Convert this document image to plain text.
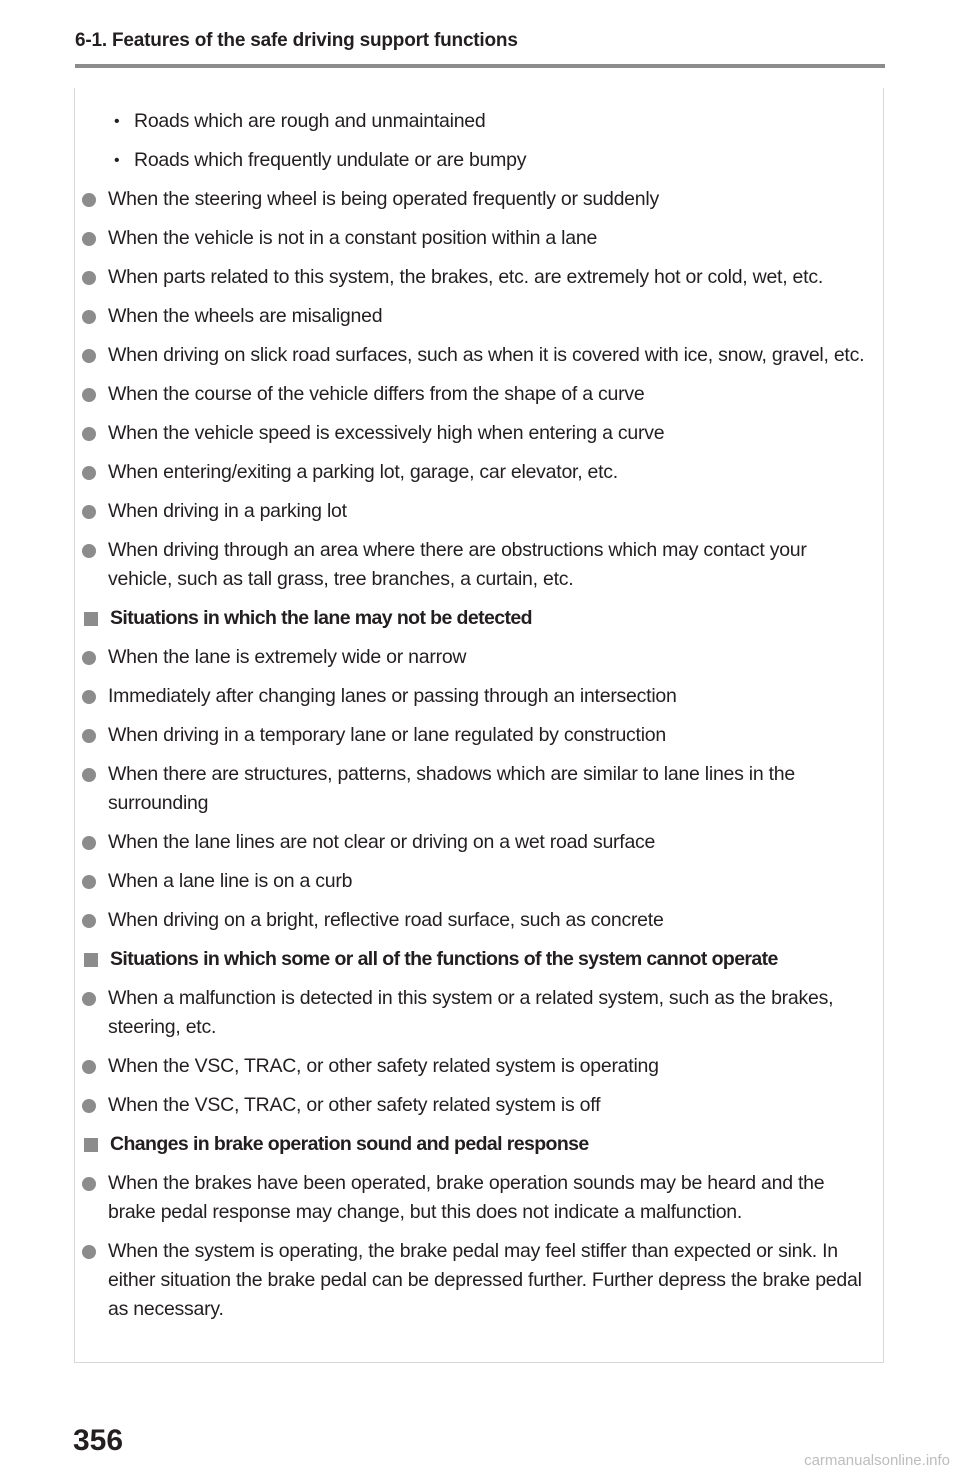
6-1. Features of the safe driving support functions
• Roads which are rough and unmaintained
• Roads which frequently undulate or are bumpy
When the steering wheel is being operated frequently or suddenly
When the vehicle is not in a constant position within a lane
When parts related to this system, the brakes, etc. are extremely hot or cold, wet, etc.
When the wheels are misaligned
When driving on slick road surfaces, such as when it is covered with ice, snow, gravel, etc.
When the course of the vehicle differs from the shape of a curve
When the vehicle speed is excessively high when entering a curve
When entering/exiting a parking lot, garage, car elevator, etc.
When driving in a parking lot
When driving through an area where there are obstructions which may contact your vehicle, such as tall grass, tree branches, a curtain, etc.
Situations in which the lane may not be detected
When the lane is extremely wide or narrow
Immediately after changing lanes or passing through an intersection
When driving in a temporary lane or lane regulated by construction
When there are structures, patterns, shadows which are similar to lane lines in the surrounding
When the lane lines are not clear or driving on a wet road surface
When a lane line is on a curb
When driving on a bright, reflective road surface, such as concrete
Situations in which some or all of the functions of the system cannot operate
When a malfunction is detected in this system or a related system, such as the brakes, steering, etc.
When the VSC, TRAC, or other safety related system is operating
When the VSC, TRAC, or other safety related system is off
Changes in brake operation sound and pedal response
When the brakes have been operated, brake operation sounds may be heard and the brake pedal response may change, but this does not indicate a malfunction.
When the system is operating, the brake pedal may feel stiffer than expected or sink. In either situation the brake pedal can be depressed further. Further depress the brake pedal as necessary.
356
carmanualsonline.info
